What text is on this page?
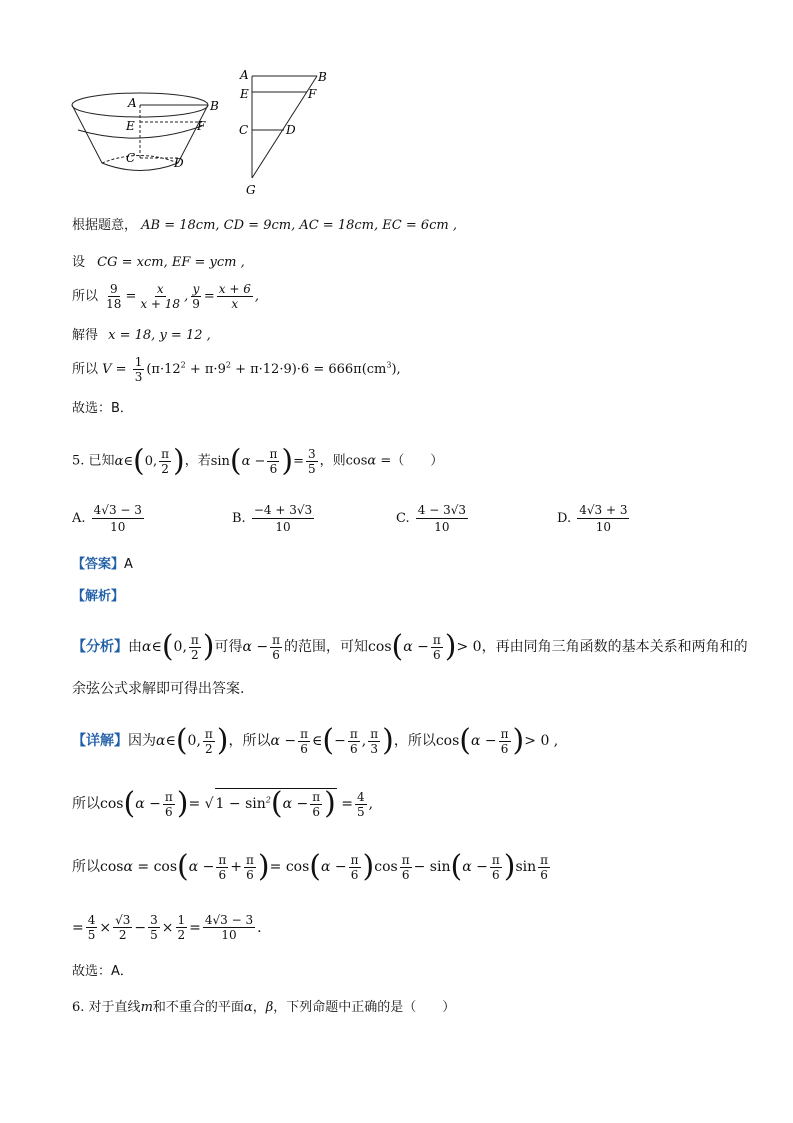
A	B
E	F
C	D
A	B
E	F
C	D
G
根据题意， AB = 18cm, CD = 9cm, AC = 18cm, EC = 6cm ,
设 CG = xcm, EF = ycm ,
所以 $\frac{9}{18} = \frac{x}{x + 18}$ , $\frac{y}{9} = \frac{x + 6}{x}$ ,
解得 x = 18, y = 12 ,
所以 $V = \frac{1}{3} (\pi\cdot 12^2 + \pi\cdot 9^2 + \pi\cdot 12\cdot 9)\cdot 6 = 666\pi(cm^3)$,
故选：B．
5. 已知α∈(0, $\frac{\pi}{2}$ )，若$\sin(\alpha - \frac{\pi}{6}$ )= $\frac{3}{5}$ ，则cosα =（　　）
A. $\frac{4√3 - 3}{10}$	B. $\frac{-4 + 3√3}{10}$	C. $\frac{4 - 3√3}{10}$	D. $\frac{4√3 + 3}{10}$
【答案】A
【解析】
【分析】由α∈(0, $\frac{\pi}{2}$ )可得$\alpha - \frac{\pi}{6}$ 的范围，可知$\cos(\alpha - \frac{\pi}{6}$ )> 0，再由同角三角函数的基本关系和两角和的
余弦公式求解即可得出答案.
【详解】因为α∈(0, $\frac{\pi}{2}$ )，所以$\alpha - \frac{\pi}{6}$ ∈(− $\frac{\pi}{6}$ , $\frac{\pi}{3}$ )，所以$\cos(\alpha - \frac{\pi}{6}$ )> 0 ,
所以$\cos(\alpha - \frac{\pi}{6}$ )= √ $1 - \sin^2(\alpha - \frac{\pi}{6}$ ) = $\frac{4}{5}$ ,
所以$\cos\alpha = \cos(\alpha - \frac{\pi}{6} + \frac{\pi}{6}$ )= $\cos(\alpha - \frac{\pi}{6} )\cos \frac{\pi}{6} - \sin(\alpha - \frac{\pi}{6} )\sin \frac{\pi}{6}$
= $\frac{4}{5} \times \frac{√3}{2} - \frac{3}{5} \times \frac{1}{2} = \frac{4√3 - 3}{10}$ .
故选：A．
6. 对于直线m和不重合的平面α，β，下列命题中正确的是（　　）
